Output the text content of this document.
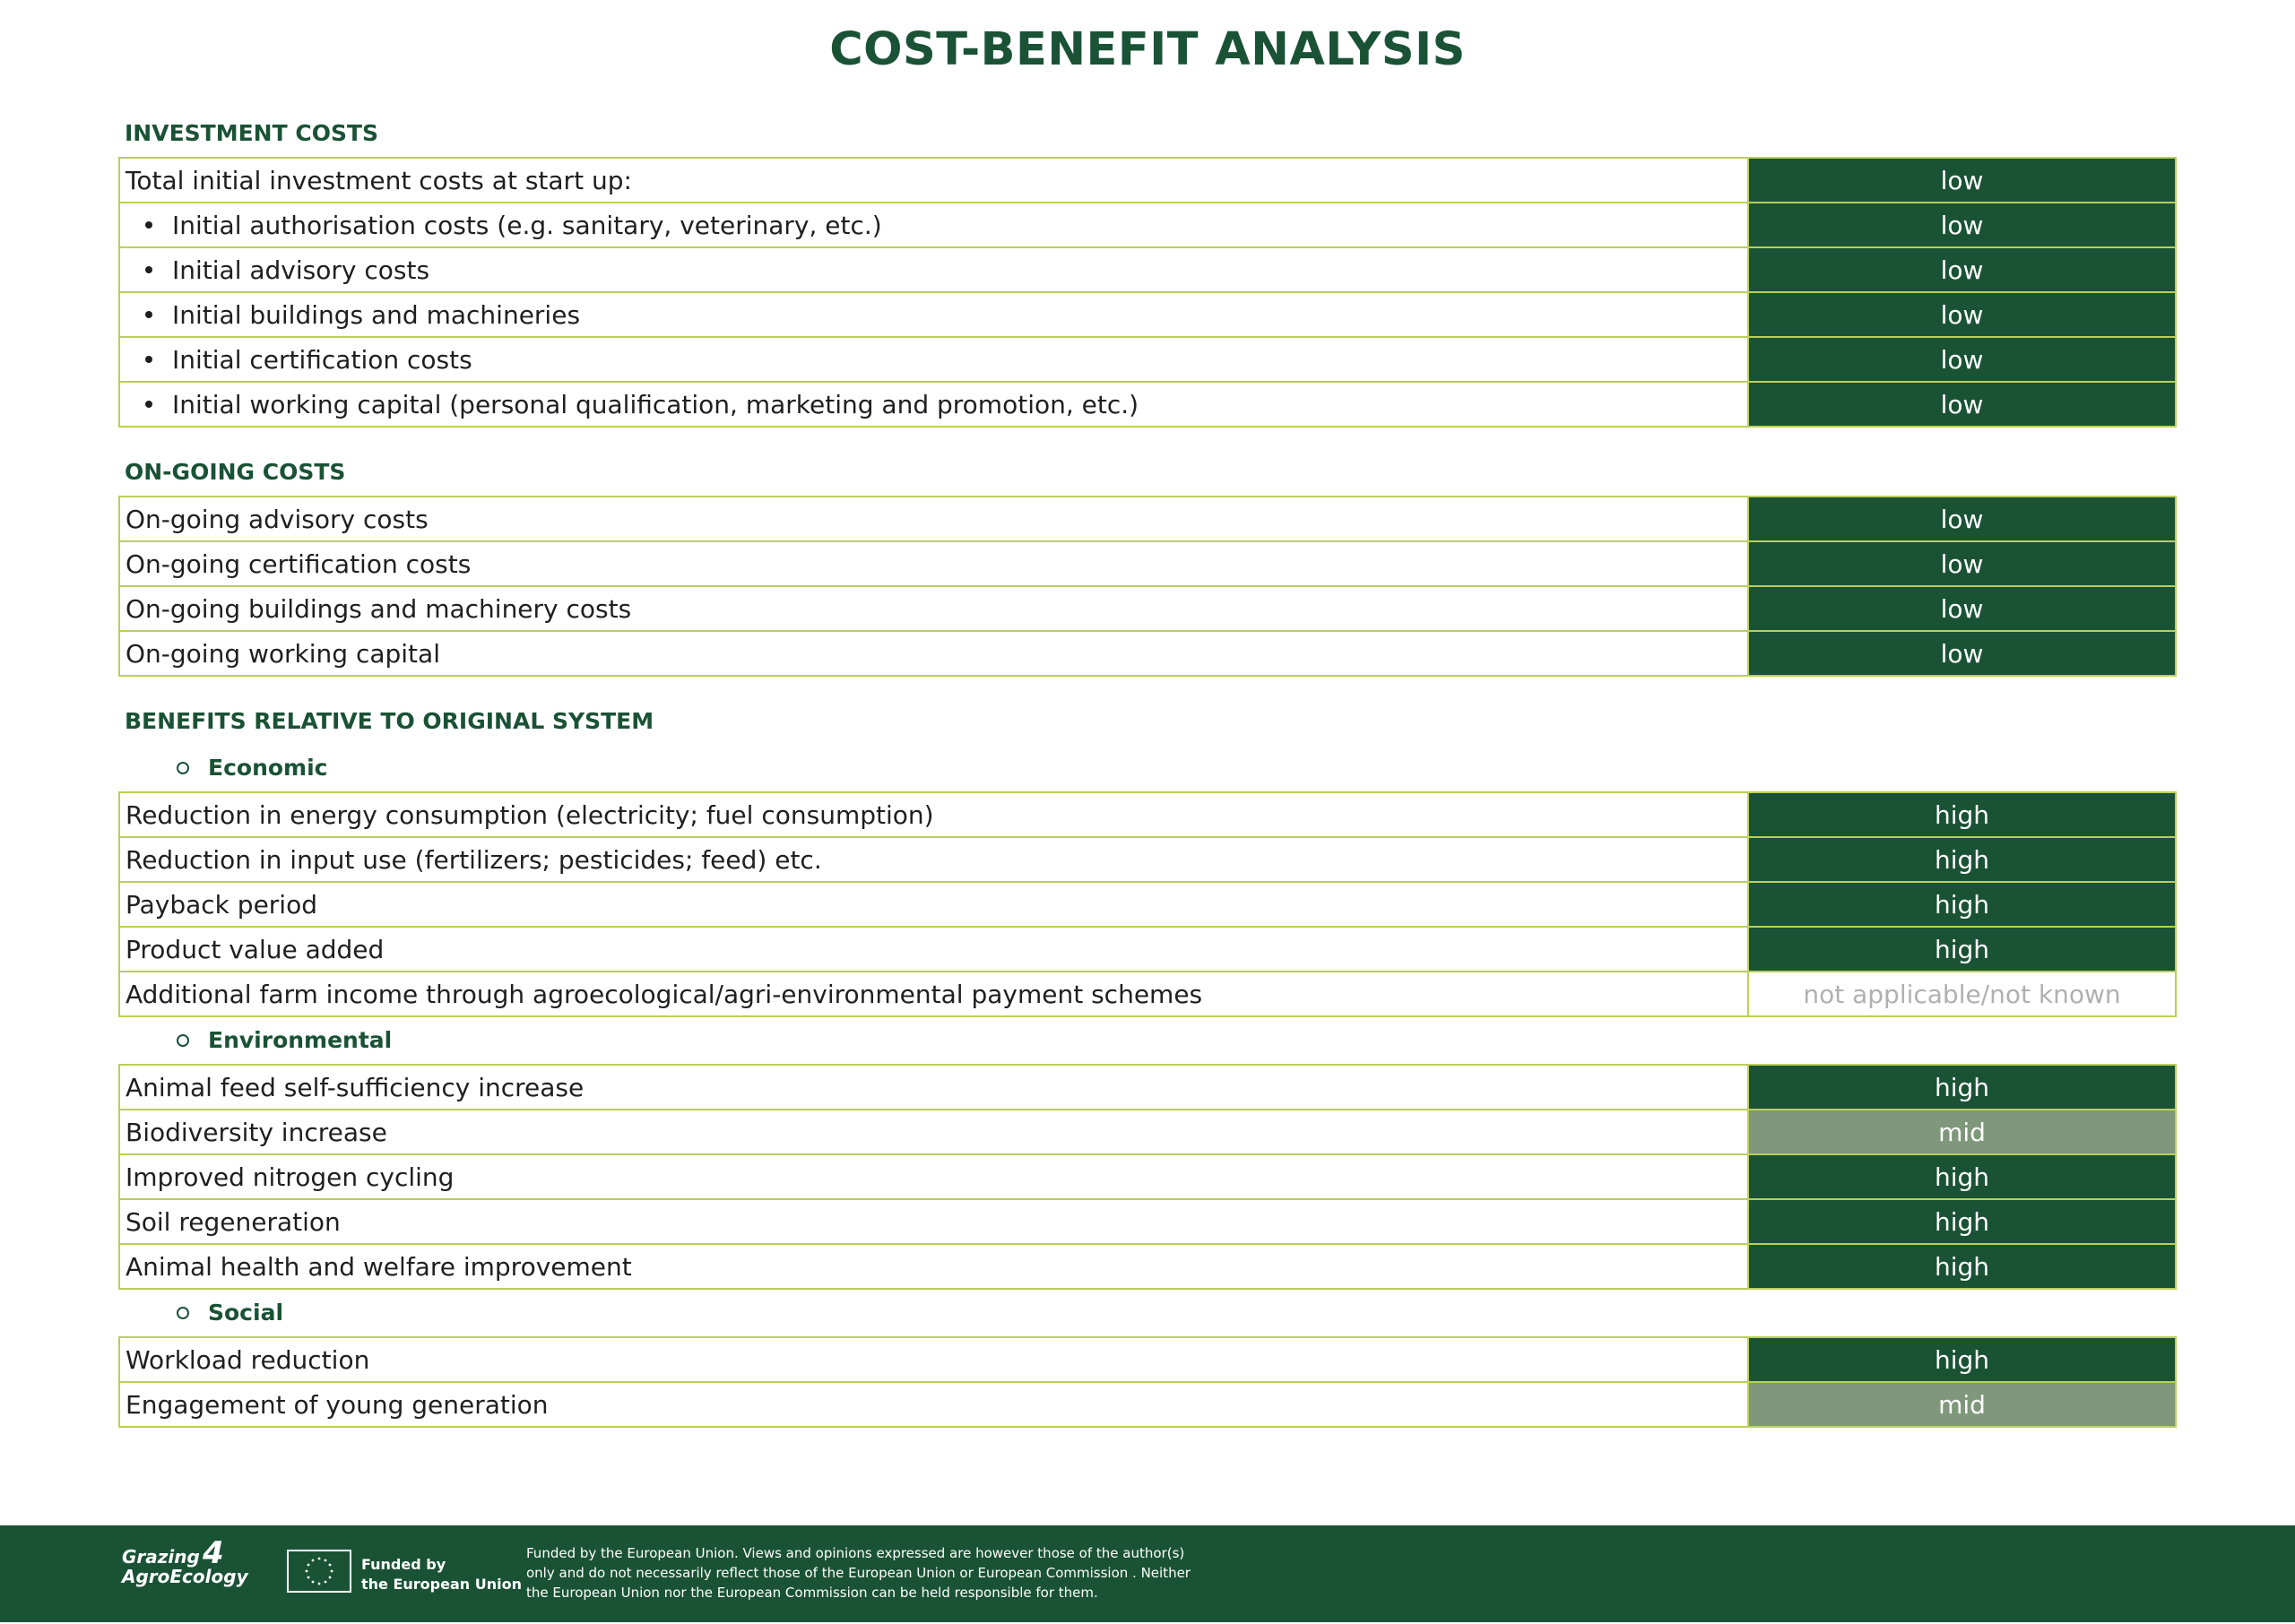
COST-BENEFIT ANALYSIS
INVESTMENT COSTS
Total initial investment costs at start up:	low
Initial authorisation costs (e.g. sanitary, veterinary, etc.)	low
Initial advisory costs	low
Initial buildings and machineries	low
Initial certification costs	low
Initial working capital (personal qualification, marketing and promotion, etc.)	low
ON-GOING COSTS
On-going advisory costs	low
On-going certification costs	low
On-going buildings and machinery costs	low
On-going working capital	low
BENEFITS RELATIVE TO ORIGINAL SYSTEM
Economic
Reduction in energy consumption (electricity; fuel consumption)	high
Reduction in input use (fertilizers; pesticides; feed) etc.	high
Payback period	high
Product value added	high
Additional farm income through agroecological/agri-environmental payment schemes	not applicable/not known
Environmental
Animal feed self-sufficiency increase	high
Biodiversity increase	mid
Improved nitrogen cycling	high
Soil regeneration	high
Animal health and welfare improvement	high
Social
Workload reduction	high
Engagement of young generation	mid
Grazing 4
AgroEcology
Funded by
the European Union
Funded by the European Union. Views and opinions expressed are however those of the author(s)
only and do not necessarily reflect those of the European Union or European Commission . Neither
the European Union nor the European Commission can be held responsible for them.
